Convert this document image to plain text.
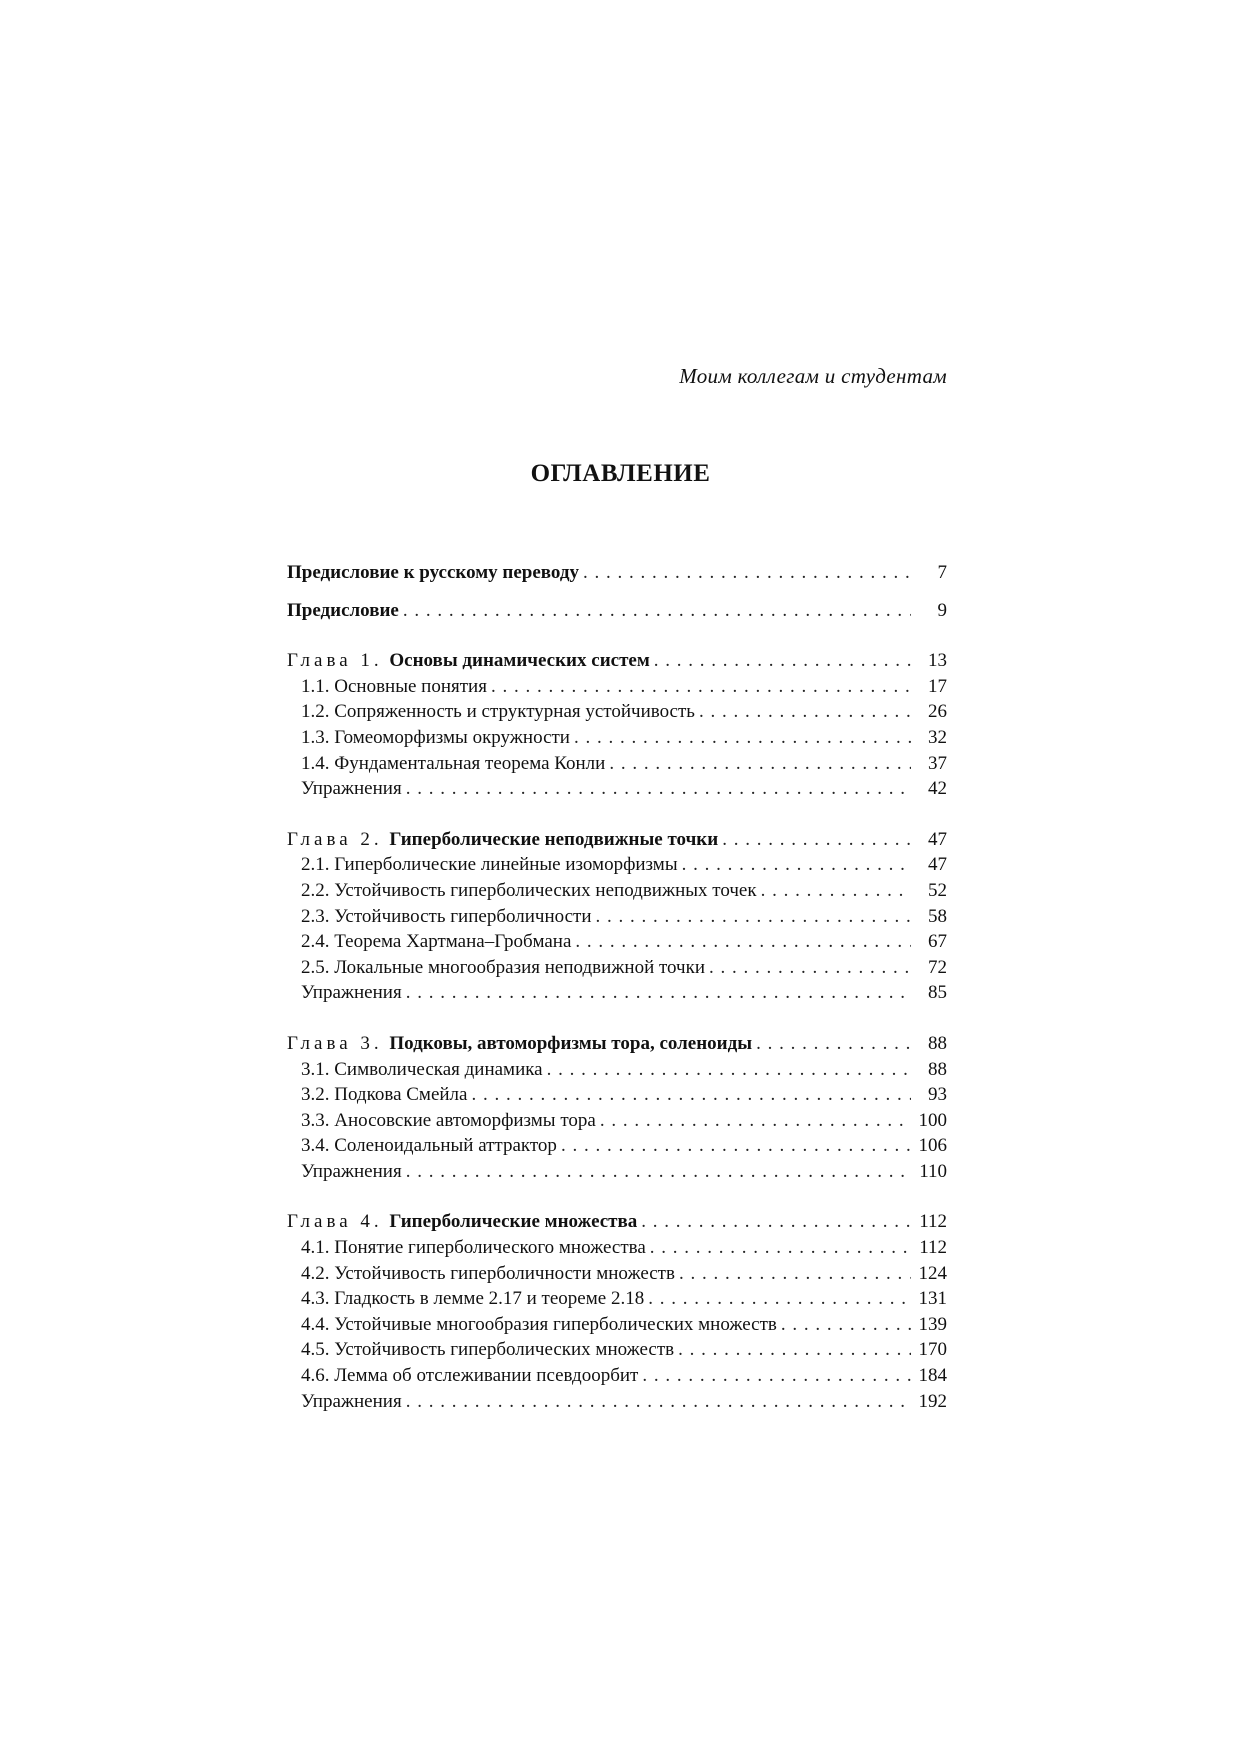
Моим коллегам и студентам
ОГЛАВЛЕНИЕ
Предисловие к русскому переводу . . .	7
Предисловие . . .	9
Глава 1. Основы динамических систем . . .	13
1.1. Основные понятия . . .	17
1.2. Сопряженность и структурная устойчивость . . .	26
1.3. Гомеоморфизмы окружности . . .	32
1.4. Фундаментальная теорема Конли . . .	37
Упражнения . . .	42
Глава 2. Гиперболические неподвижные точки . . .	47
2.1. Гиперболические линейные изоморфизмы . . .	47
2.2. Устойчивость гиперболических неподвижных точек . . .	52
2.3. Устойчивость гиперболичности . . .	58
2.4. Теорема Хартмана–Гробмана . . .	67
2.5. Локальные многообразия неподвижной точки . . .	72
Упражнения . . .	85
Глава 3. Подковы, автоморфизмы тора, соленоиды . . .	88
3.1. Символическая динамика . . .	88
3.2. Подкова Смейла . . .	93
3.3. Аносовские автоморфизмы тора . . .	100
3.4. Соленоидальный аттрактор . . .	106
Упражнения . . .	110
Глава 4. Гиперболические множества . . .	112
4.1. Понятие гиперболического множества . . .	112
4.2. Устойчивость гиперболичности множеств . . .	124
4.3. Гладкость в лемме 2.17 и теореме 2.18 . . .	131
4.4. Устойчивые многообразия гиперболических множеств . . .	139
4.5. Устойчивость гиперболических множеств . . .	170
4.6. Лемма об отслеживании псевдоорбит . . .	184
Упражнения . . .	192
